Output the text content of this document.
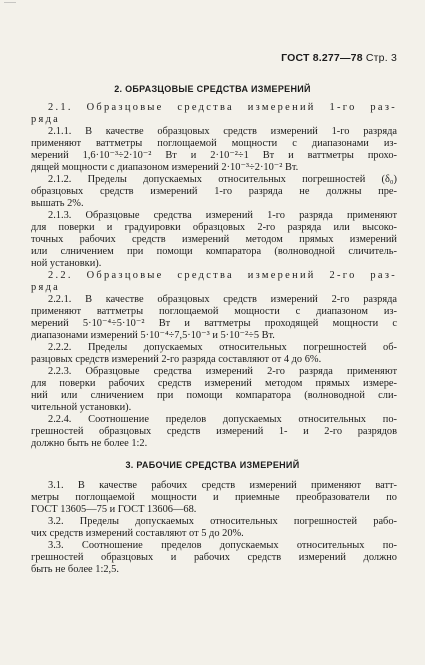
ГОСТ 8.277—78 Стр. 3
2. ОБРАЗЦОВЫЕ СРЕДСТВА ИЗМЕРЕНИЙ
2.1. Образцовые средства измерений 1-го раз-
ряда
2.1.1. В качестве образцовых средств измерений 1-го разряда
применяют ваттметры поглощаемой мощности с диапазонами из-
мерений 1,6·10⁻³÷2·10⁻² Вт и 2·10⁻²÷1 Вт и ваттметры прохо-
дящей мощности с диапазоном измерений 2·10⁻³÷2·10⁻² Вт.
2.1.2. Пределы допускаемых относительных погрешностей (δ₀)
образцовых средств измерений 1-го разряда не должны пре-
вышать 2%.
2.1.3. Образцовые средства измерений 1-го разряда применяют
для поверки и градуировки образцовых 2-го разряда или высоко-
точных рабочих средств измерений методом прямых измерений
или слничением при помощи компаратора (волноводной сличитель-
ной установки).
2.2. Образцовые средства измерений 2-го раз-
ряда
2.2.1. В качестве образцовых средств измерений 2-го разряда
применяют ваттметры поглощаемой мощности с диапазоном из-
мерений 5·10⁻⁴÷5·10⁻² Вт и ваттметры проходящей мощности с
диапазонами измерений 5·10⁻⁴÷7,5·10⁻³ и 5·10⁻²÷5 Вт.
2.2.2. Пределы допускаемых относительных погрешностей об-
разцовых средств измерений 2-го разряда составляют от 4 до 6%.
2.2.3. Образцовые средства измерений 2-го разряда применяют
для поверки рабочих средств измерений методом прямых измере-
ний или слничением при помощи компаратора (волноводной сли-
чительной установки).
2.2.4. Соотношение пределов допускаемых относительных по-
грешностей образцовых средств измерений 1- и 2-го разрядов
должно быть не более 1:2.
3. РАБОЧИЕ СРЕДСТВА ИЗМЕРЕНИЙ
3.1. В качестве рабочих средств измерений применяют ватт-
метры поглощаемой мощности и приемные преобразователи по
ГОСТ 13605—75 и ГОСТ 13606—68.
3.2. Пределы допускаемых относительных погрешностей рабо-
чих средств измерений составляют от 5 до 20%.
3.3. Соотношение пределов допускаемых относительных по-
грешностей образцовых и рабочих средств измерений должно
быть не более 1:2,5.
